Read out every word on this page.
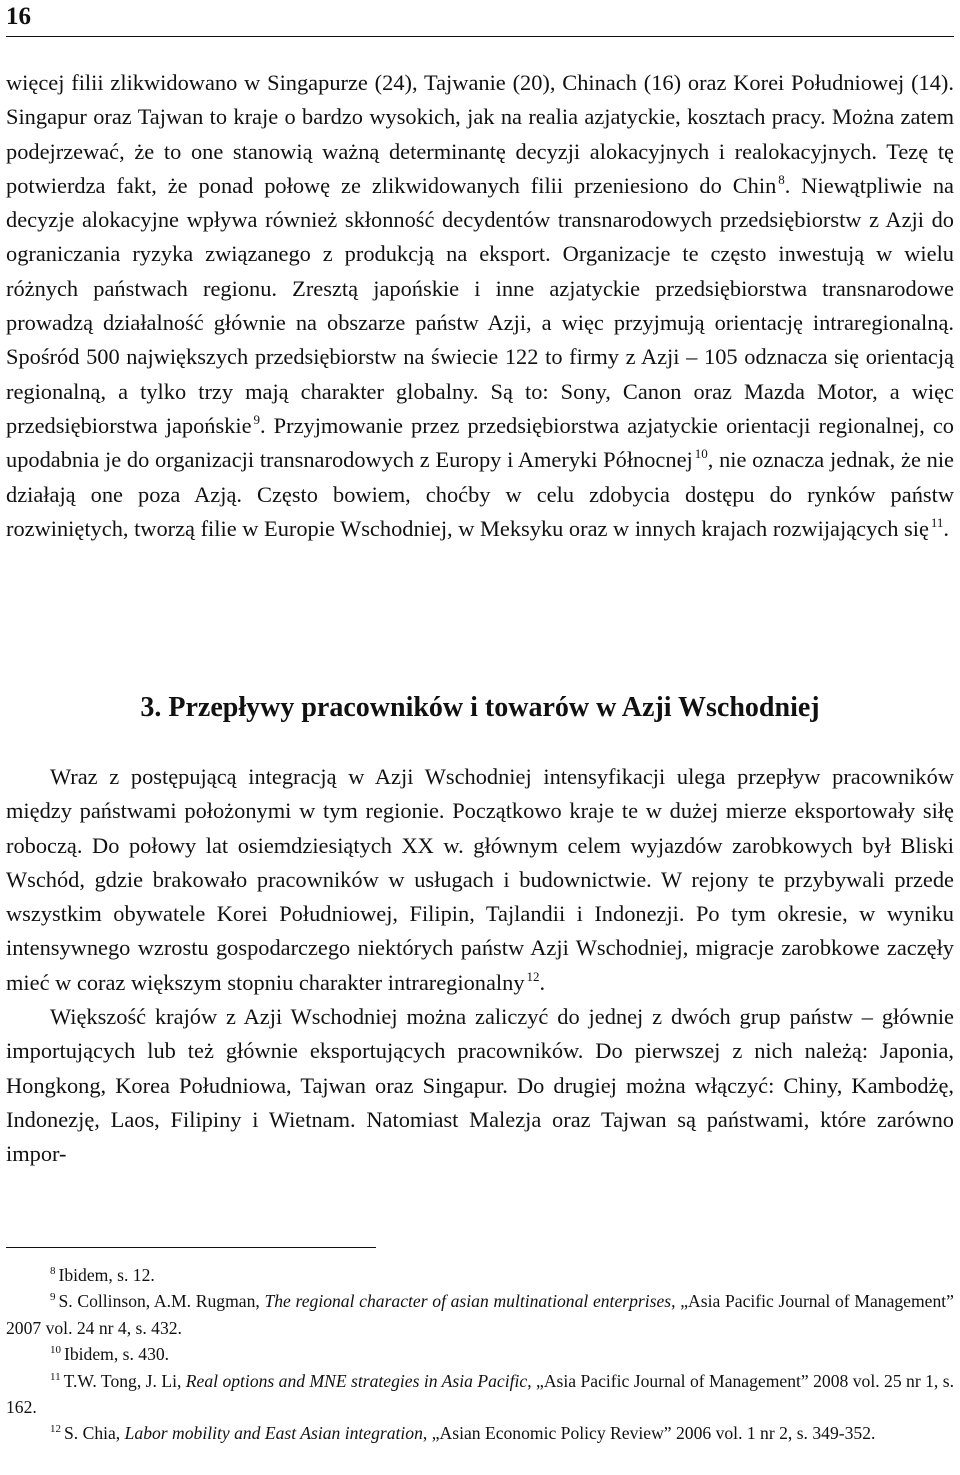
16

więcej filii zlikwidowano w Singapurze (24), Tajwanie (20), Chinach (16) oraz Korei Południowej (14). Singapur oraz Tajwan to kraje o bardzo wysokich, jak na realia azjatyckie, kosztach pracy. Można zatem podejrzewać, że to one stanowią ważną determinantę decyzji alokacyjnych i realokacyjnych. Tezę tę potwierdza fakt, że ponad połowę ze zlikwidowanych filii przeniesiono do Chin $^8$. Niewątpliwie na decyzje alokacyjne wpływa również skłonność decydentów transnarodowych przedsiębiorstw z Azji do ograniczania ryzyka związanego z produkcją na eksport. Organizacje te często inwestują w wielu różnych państwach regionu. Zresztą japońskie i inne azjatyckie przedsiębiorstwa transnarodowe prowadzą działalność głównie na obszarze państw Azji, a więc przyjmują orientację intraregionalną. Spośród 500 największych przedsiębiorstw na świecie 122 to firmy z Azji – 105 odznacza się orientacją regionalną, a tylko trzy mają charakter globalny. Są to: Sony, Canon oraz Mazda Motor, a więc przedsiębiorstwa japońskie $^9$. Przyjmowanie przez przedsiębiorstwa azjatyckie orientacji regionalnej, co upodabnia je do organizacji transnarodowych z Europy i Ameryki Północnej $^{10}$, nie oznacza jednak, że nie działają one poza Azją. Często bowiem, choćby w celu zdobycia dostępu do rynków państw rozwiniętych, tworzą filie w Europie Wschodniej, w Meksyku oraz w innych krajach rozwijających się $^{11}$.

3. Przepływy pracowników i towarów w Azji Wschodniej

Wraz z postępującą integracją w Azji Wschodniej intensyfikacji ulega przepływ pracowników między państwami położonymi w tym regionie. Początkowo kraje te w dużej mierze eksportowały siłę roboczą. Do połowy lat osiemdziesiątych XX w. głównym celem wyjazdów zarobkowych był Bliski Wschód, gdzie brakowało pracowników w usługach i budownictwie. W rejony te przybywali przede wszystkim obywatele Korei Południowej, Filipin, Tajlandii i Indonezji. Po tym okresie, w wyniku intensywnego wzrostu gospodarczego niektórych państw Azji Wschodniej, migracje zarobkowe zaczęły mieć w coraz większym stopniu charakter intraregionalny $^{12}$.

Większość krajów z Azji Wschodniej można zaliczyć do jednej z dwóch grup państw – głównie importujących lub też głównie eksportujących pracowników. Do pierwszej z nich należą: Japonia, Hongkong, Korea Południowa, Tajwan oraz Singapur. Do drugiej można włączyć: Chiny, Kambodżę, Indonezję, Laos, Filipiny i Wietnam. Natomiast Malezja oraz Tajwan są państwami, które zarówno impor-

$^8$ Ibidem, s. 12.

$^9$ S. Collinson, A.M. Rugman, The regional character of asian multinational enterprises, „Asia Pacific Journal of Management” 2007 vol. 24 nr 4, s. 432.

$^{10}$ Ibidem, s. 430.

$^{11}$ T.W. Tong, J. Li, Real options and MNE strategies in Asia Pacific, „Asia Pacific Journal of Management” 2008 vol. 25 nr 1, s. 162.

$^{12}$ S. Chia, Labor mobility and East Asian integration, „Asian Economic Policy Review” 2006 vol. 1 nr 2, s. 349-352.
